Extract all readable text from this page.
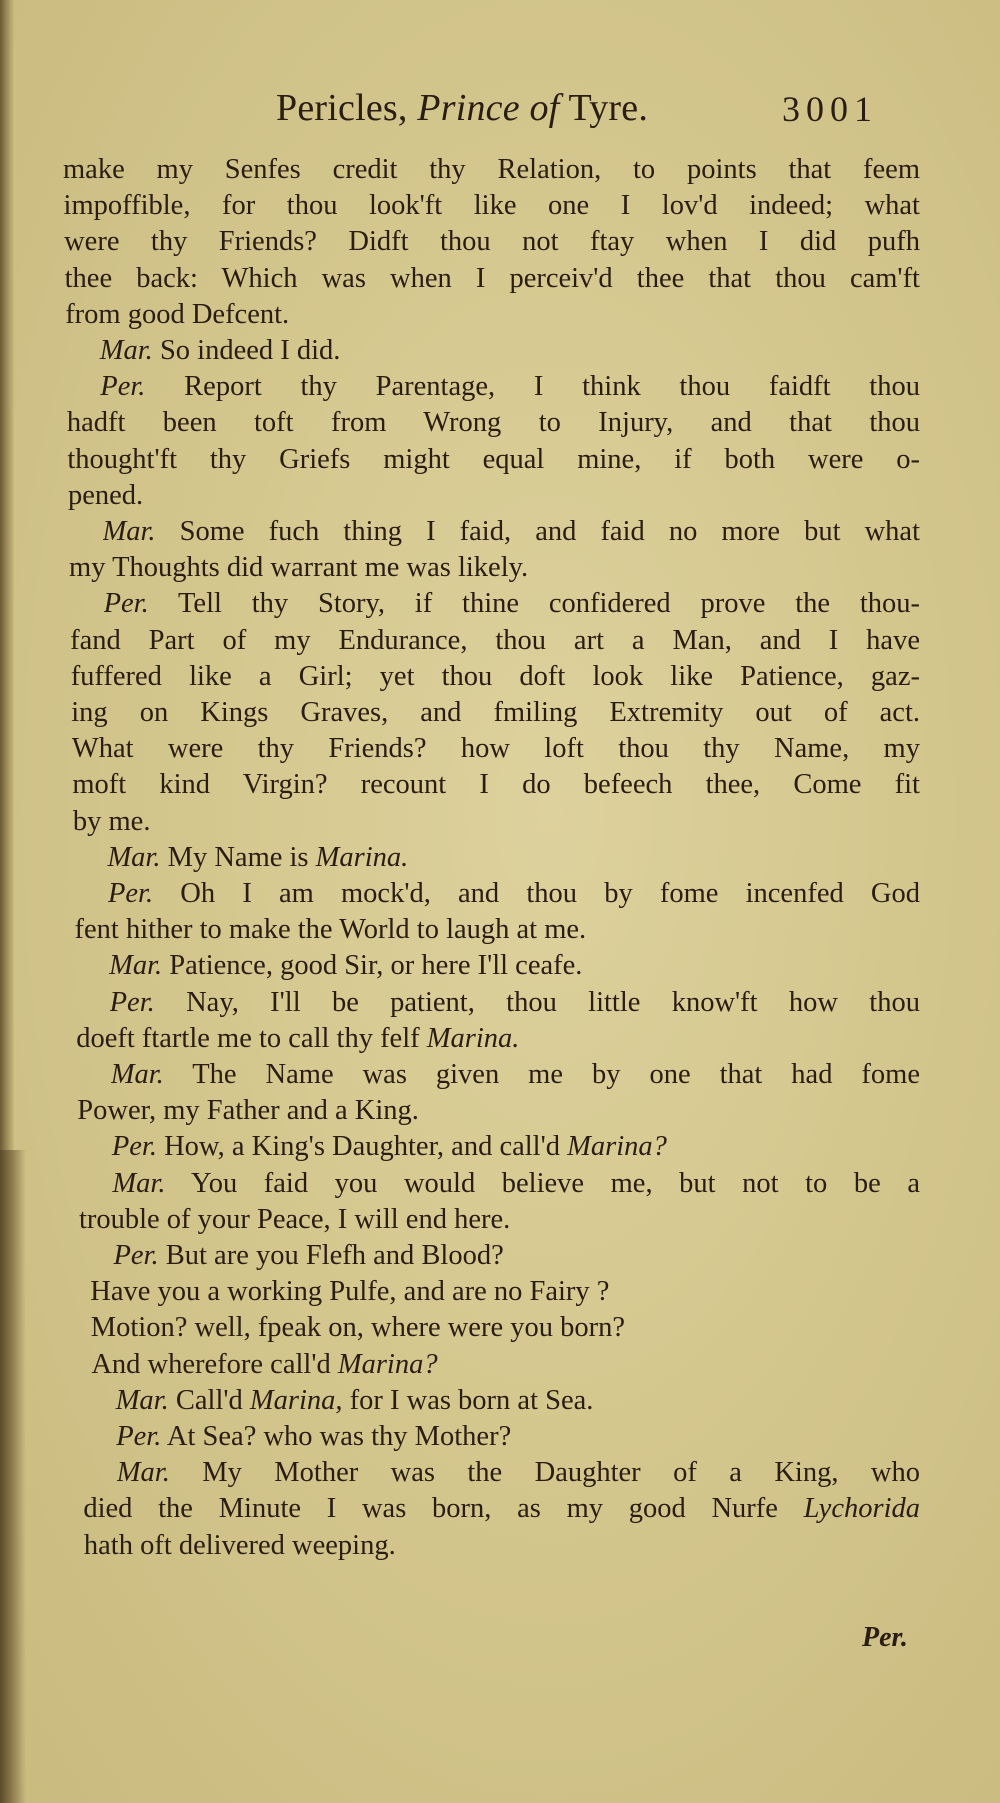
Pericles, Prince of Tyre.	3001
make my Senfes credit thy Relation, to points that feem
impoffible, for thou look'ft like one I lov'd indeed; what
were thy Friends? Didft thou not ftay when I did pufh
thee back: Which was when I perceiv'd thee that thou cam'ft
from good Defcent.
Mar. So indeed I did.
Per. Report thy Parentage, I think thou faidft thou
hadft been toft from Wrong to Injury, and that thou
thought'ft thy Griefs might equal mine, if both were o-
pened.
Mar. Some fuch thing I faid, and faid no more but what
my Thoughts did warrant me was likely.
Per. Tell thy Story, if thine confidered prove the thou-
fand Part of my Endurance, thou art a Man, and I have
fuffered like a Girl; yet thou doft look like Patience, gaz-
ing on Kings Graves, and fmiling Extremity out of act.
What were thy Friends? how loft thou thy Name, my
moft kind Virgin? recount I do befeech thee, Come fit
by me.
Mar. My Name is Marina.
Per. Oh I am mock'd, and thou by fome incenfed God
fent hither to make the World to laugh at me.
Mar. Patience, good Sir, or here I'll ceafe.
Per. Nay, I'll be patient, thou little know'ft how thou
doeft ftartle me to call thy felf Marina.
Mar. The Name was given me by one that had fome
Power, my Father and a King.
Per. How, a King's Daughter, and call'd Marina?
Mar. You faid you would believe me, but not to be a
trouble of your Peace, I will end here.
Per. But are you Flefh and Blood?
Have you a working Pulfe, and are no Fairy ?
Motion? well, fpeak on, where were you born?
And wherefore call'd Marina?
Mar. Call'd Marina, for I was born at Sea.
Per. At Sea? who was thy Mother?
Mar. My Mother was the Daughter of a King, who
died the Minute I was born, as my good Nurfe Lychorida
hath oft delivered weeping.
Per.
